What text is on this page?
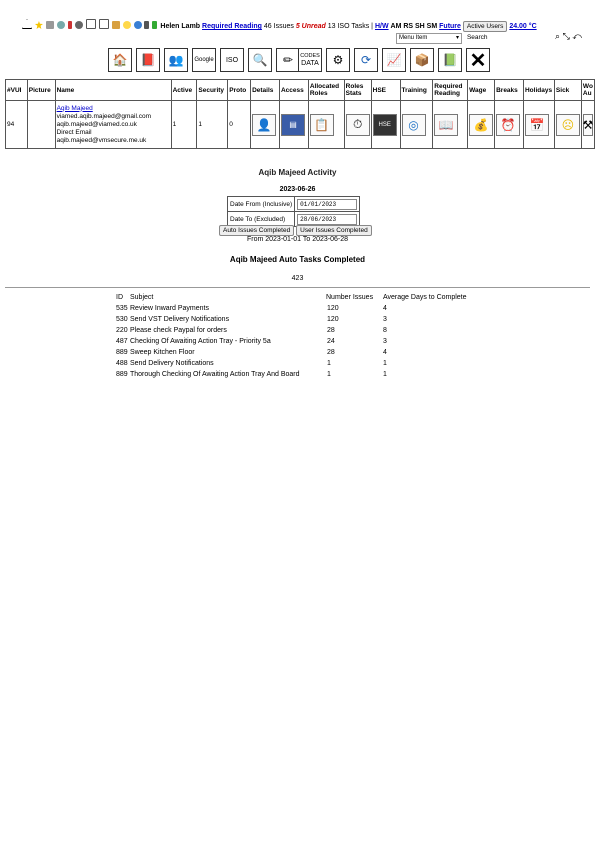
Helen Lamb Required Reading 46 Issues 5 Unread 13 ISO Tasks | H/W AM RS SH SM Future Active Users 24.00 °C
Menu Item ▾	Search	⌕ ⤡ ↶
🏠	📕	👥	Google ISO	🔍	✏	CODES
DATA	⚙	⟳	📈	📦	📗 ✕
#VUI	Picture	Name	Active	Security	Proto	Details	Access	Allocated Roles	Roles Stats	HSE	Training	Required Reading	Wage	Breaks	Holidays	Sick	Wo Au
94		Aqib Majeed
viamed.aqib.majeed@gmail.com
aqib.majeed@viamed.co.uk
Direct Email
aqib.majeed@vmsecure.me.uk	1	1	0	👤	▤	📋	⏱	HSE	◎	📖	💰	⏰	📅	☹	⚒
Aqib Majeed Activity
2023-06-26
Date From (Inclusive)	01/01/2023
Date To (Excluded)	28/06/2023
Auto Issues Completed User Issues Completed
From 2023-01-01 To 2023-06-28
Aqib Majeed Auto Tasks Completed
423
ID Subject	Number Issues Average Days to Complete
535 Review Inward Payments	120	4
530 Send VST Delivery Notifications	120	3
220 Please check Paypal for orders	28	8
487 Checking Of Awaiting Action Tray - Priority 5a	24	3
889 Sweep Kitchen Floor	28	4
488 Send Delivery Notifications	1	1
889 Thorough Checking Of Awaiting Action Tray And Board	1	1
